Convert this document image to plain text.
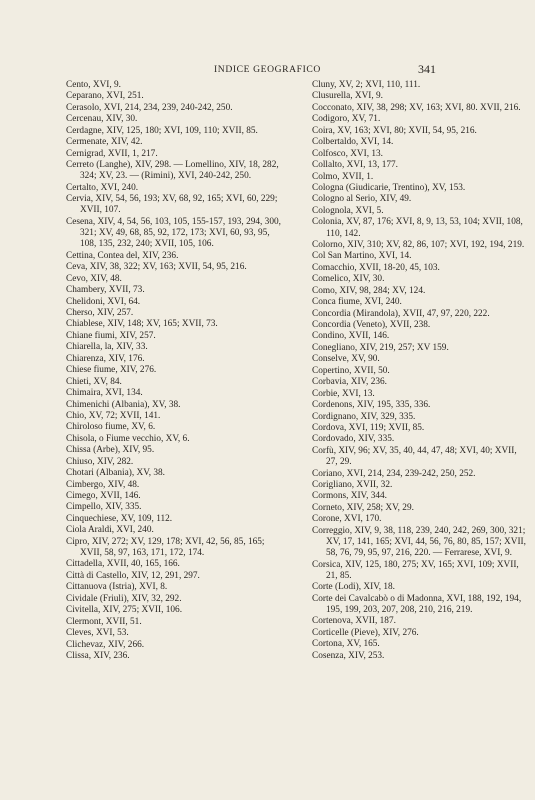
INDICE GEOGRAFICO	341
Cento, XVI, 9.
Ceparano, XVI, 251.
Cerasolo, XVI, 214, 234, 239, 240-242, 250.
Cercenau, XIV, 30.
Cerdagne, XIV, 125, 180; XVI, 109, 110; XVII, 85.
Cermenate, XIV, 42.
Cernigrad, XVII, 1, 217.
Cerreto (Langhe), XIV, 298. — Lomellino, XIV, 18, 282, 324; XV, 23. — (Rimini), XVI, 240-242, 250.
Certalto, XVI, 240.
Cervia, XIV, 54, 56, 193; XV, 68, 92, 165; XVI, 60, 229; XVII, 107.
Cesena, XIV, 4, 54, 56, 103, 105, 155-157, 193, 294, 300, 321; XV, 49, 68, 85, 92, 172, 173; XVI, 60, 93, 95, 108, 135, 232, 240; XVII, 105, 106.
Cettina, Contea del, XIV, 236.
Ceva, XIV, 38, 322; XV, 163; XVII, 54, 95, 216.
Cevo, XIV, 48.
Chambery, XVII, 73.
Chelidoni, XVI, 64.
Cherso, XIV, 257.
Chiablese, XIV, 148; XV, 165; XVII, 73.
Chiane fiumi, XIV, 257.
Chiarella, la, XIV, 33.
Chiarenza, XIV, 176.
Chiese fiume, XIV, 276.
Chieti, XV, 84.
Chimaira, XVI, 134.
Chimenichi (Albania), XV, 38.
Chio, XV, 72; XVII, 141.
Chiroloso fiume, XV, 6.
Chisola, o Fiume vecchio, XV, 6.
Chissa (Arbe), XIV, 95.
Chiuso, XIV, 282.
Chotari (Albania), XV, 38.
Cimbergo, XIV, 48.
Cimego, XVII, 146.
Cimpello, XIV, 335.
Cinquechiese, XV, 109, 112.
Ciola Araldi, XVI, 240.
Cipro, XIV, 272; XV, 129, 178; XVI, 42, 56, 85, 165; XVII, 58, 97, 163, 171, 172, 174.
Cittadella, XVII, 40, 165, 166.
Città di Castello, XIV, 12, 291, 297.
Cittanuova (Istria), XVI, 8.
Cividale (Friuli), XIV, 32, 292.
Civitella, XIV, 275; XVII, 106.
Clermont, XVII, 51.
Cleves, XVI, 53.
Clichevaz, XIV, 266.
Clissa, XIV, 236.
Cluny, XV, 2; XVI, 110, 111.
Clusurella, XVI, 9.
Cocconato, XIV, 38, 298; XV, 163; XVI, 80. XVII, 216.
Codigoro, XV, 71.
Coira, XV, 163; XVI, 80; XVII, 54, 95, 216.
Colbertaldo, XVI, 14.
Colfosco, XVI, 13.
Collalto, XVI, 13, 177.
Colmo, XVII, 1.
Cologna (Giudicarie, Trentino), XV, 153.
Cologno al Serio, XIV, 49.
Colognola, XVI, 5.
Colonia, XV, 87, 176; XVI, 8, 9, 13, 53, 104; XVII, 108, 110, 142.
Colorno, XIV, 310; XV, 82, 86, 107; XVI, 192, 194, 219.
Col San Martino, XVI, 14.
Comacchio, XVII, 18-20, 45, 103.
Comelico, XIV, 30.
Como, XIV, 98, 284; XV, 124.
Conca fiume, XVI, 240.
Concordia (Mirandola), XVII, 47, 97, 220, 222.
Concordia (Veneto), XVII, 238.
Condino, XVII, 146.
Conegliano, XIV, 219, 257; XV 159.
Conselve, XV, 90.
Copertino, XVII, 50.
Corbavia, XIV, 236.
Corbie, XVI, 13.
Cordenons, XIV, 195, 335, 336.
Cordignano, XIV, 329, 335.
Cordova, XVI, 119; XVII, 85.
Cordovado, XIV, 335.
Corfù, XIV, 96; XV, 35, 40, 44, 47, 48; XVI, 40; XVII, 27, 29.
Coriano, XVI, 214, 234, 239-242, 250, 252.
Corigliano, XVII, 32.
Cormons, XIV, 344.
Corneto, XIV, 258; XV, 29.
Corone, XVI, 170.
Correggio, XIV, 9, 38, 118, 239, 240, 242, 269, 300, 321; XV, 17, 141, 165; XVI, 44, 56, 76, 80, 85, 157; XVII, 58, 76, 79, 95, 97, 216, 220. — Ferrarese, XVI, 9.
Corsica, XIV, 125, 180, 275; XV, 165; XVI, 109; XVII, 21, 85.
Corte (Lodi), XIV, 18.
Corte dei Cavalcabò o di Madonna, XVI, 188, 192, 194, 195, 199, 203, 207, 208, 210, 216, 219.
Cortenova, XVII, 187.
Corticelle (Pieve), XIV, 276.
Cortona, XV, 165.
Cosenza, XIV, 253.
